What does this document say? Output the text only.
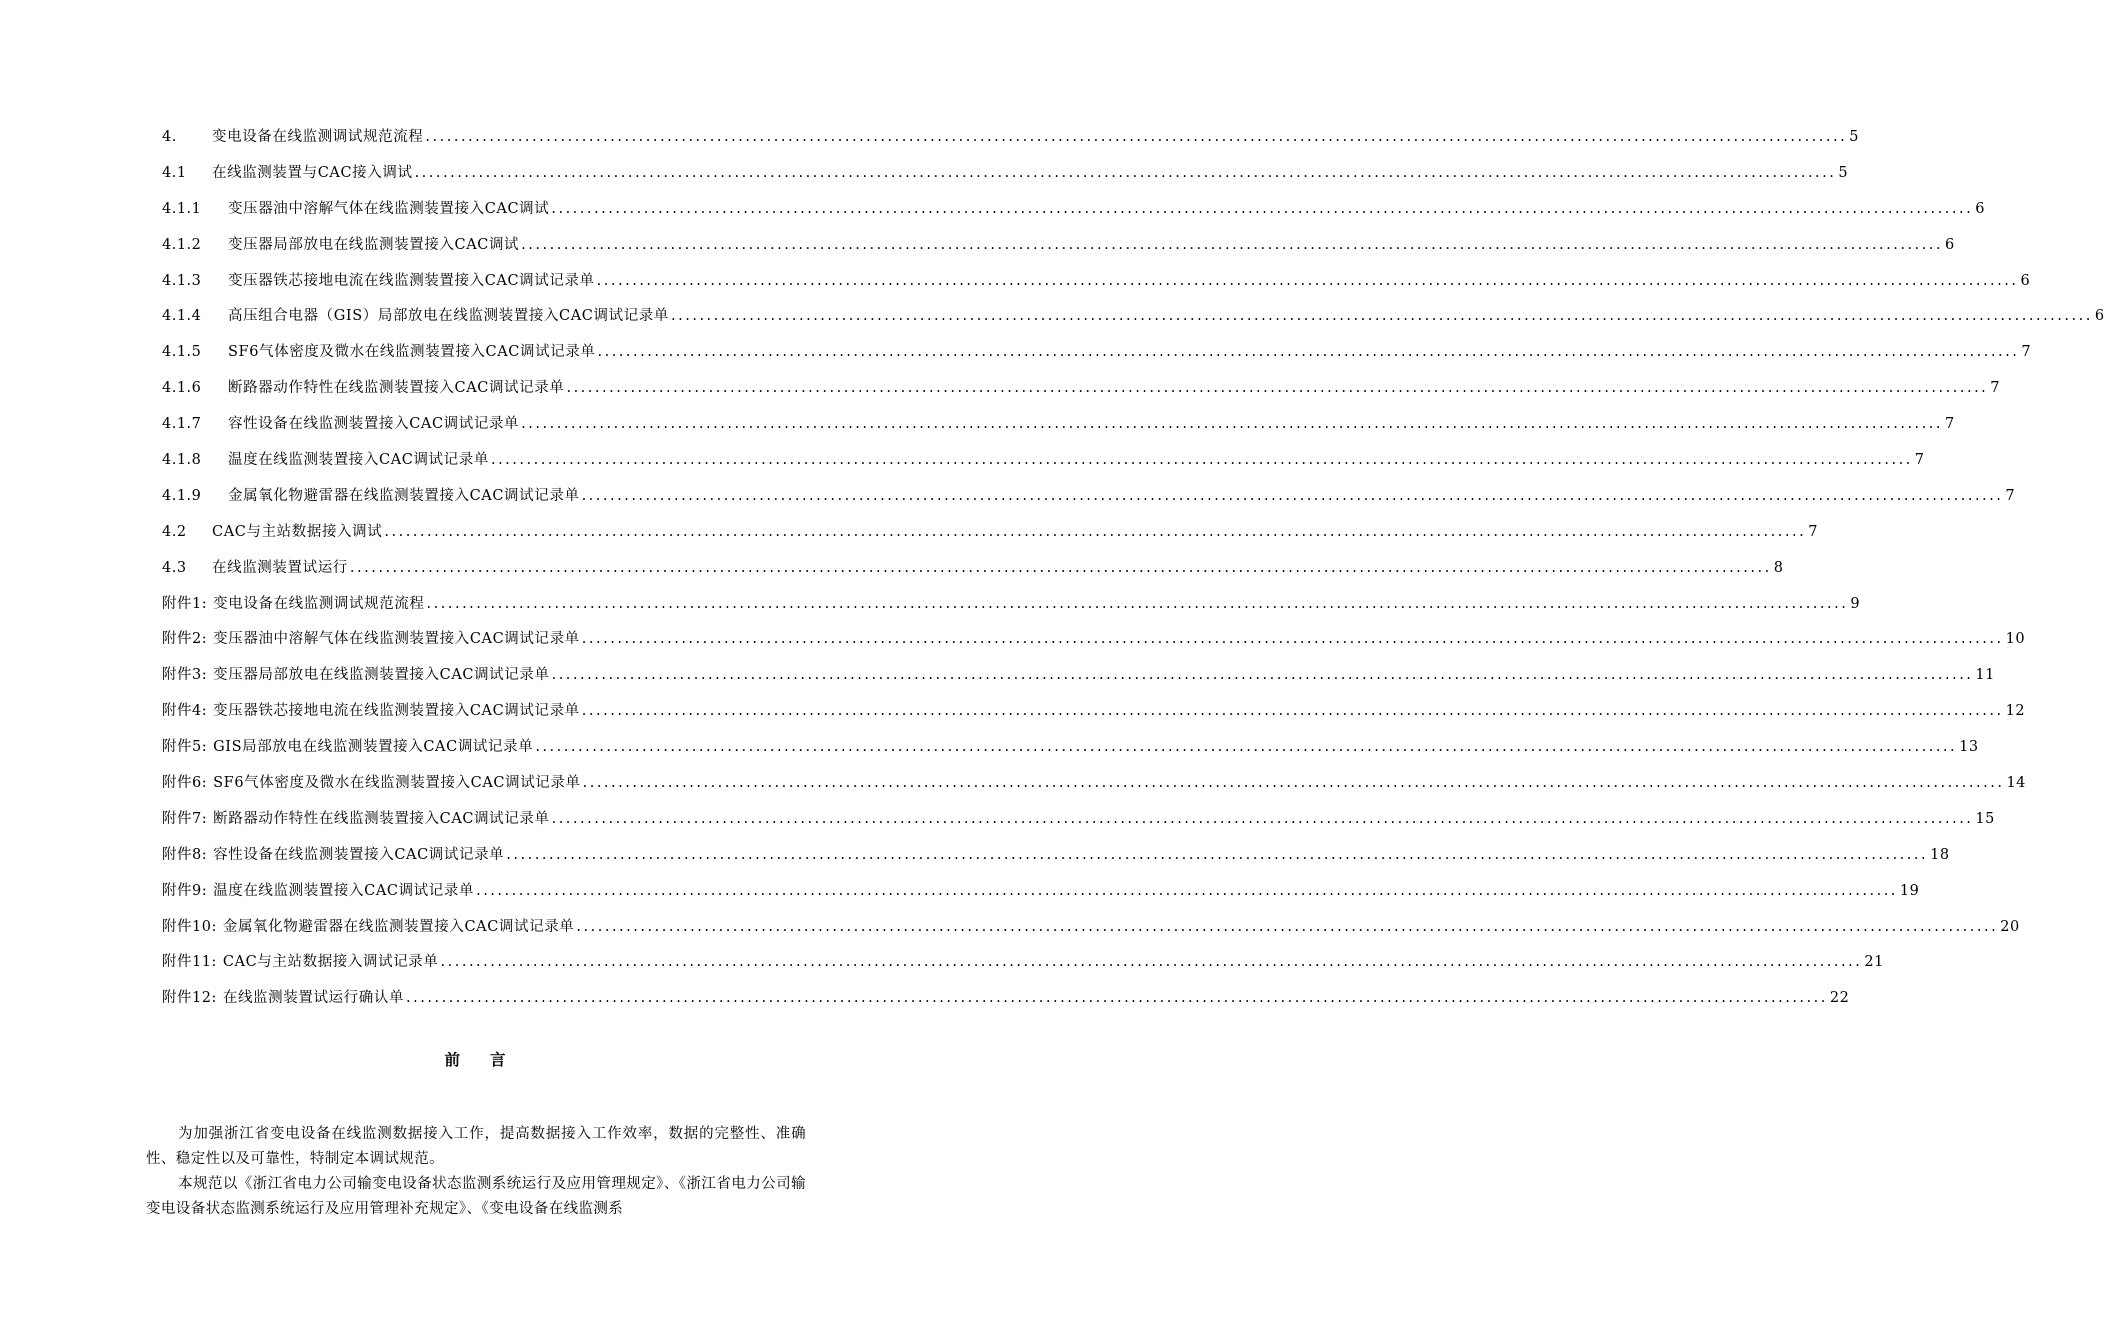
4.	变电设备在线监测调试规范流程 .....	5
4.1	在线监测装置与CAC接入调试 .....	5
4.1.1	变压器油中溶解气体在线监测装置接入CAC调试 .....	6
4.1.2	变压器局部放电在线监测装置接入CAC调试 .....	6
4.1.3	变压器铁芯接地电流在线监测装置接入CAC调试记录单 .....	6
4.1.4	高压组合电器（GIS）局部放电在线监测装置接入CAC调试记录单 .....	6
4.1.5	SF6气体密度及微水在线监测装置接入CAC调试记录单 .....	7
4.1.6	断路器动作特性在线监测装置接入CAC调试记录单 .....	7
4.1.7	容性设备在线监测装置接入CAC调试记录单 .....	7
4.1.8	温度在线监测装置接入CAC调试记录单 .....	7
4.1.9	金属氧化物避雷器在线监测装置接入CAC调试记录单 .....	7
4.2	CAC与主站数据接入调试 .....	7
4.3	在线监测装置试运行 .....	8
附件1: 变电设备在线监测调试规范流程 .....	9
附件2: 变压器油中溶解气体在线监测装置接入CAC调试记录单 .....	10
附件3: 变压器局部放电在线监测装置接入CAC调试记录单 .....	11
附件4: 变压器铁芯接地电流在线监测装置接入CAC调试记录单 .....	12
附件5: GIS局部放电在线监测装置接入CAC调试记录单 .....	13
附件6: SF6气体密度及微水在线监测装置接入CAC调试记录单 .....	14
附件7: 断路器动作特性在线监测装置接入CAC调试记录单 .....	15
附件8: 容性设备在线监测装置接入CAC调试记录单 .....	18
附件9: 温度在线监测装置接入CAC调试记录单 .....	19
附件10: 金属氧化物避雷器在线监测装置接入CAC调试记录单 .....	20
附件11: CAC与主站数据接入调试记录单 .....	21
附件12: 在线监测装置试运行确认单 .....	22
前言

为加强浙江省变电设备在线监测数据接入工作，提高数据接入工作效率，数据的完整性、准确性、稳定性以及可靠性，特制定本调试规范。

本规范以《浙江省电力公司输变电设备状态监测系统运行及应用管理规定》、《浙江省电力公司输变电设备状态监测系统运行及应用管理补充规定》、《变电设备在线监测系
